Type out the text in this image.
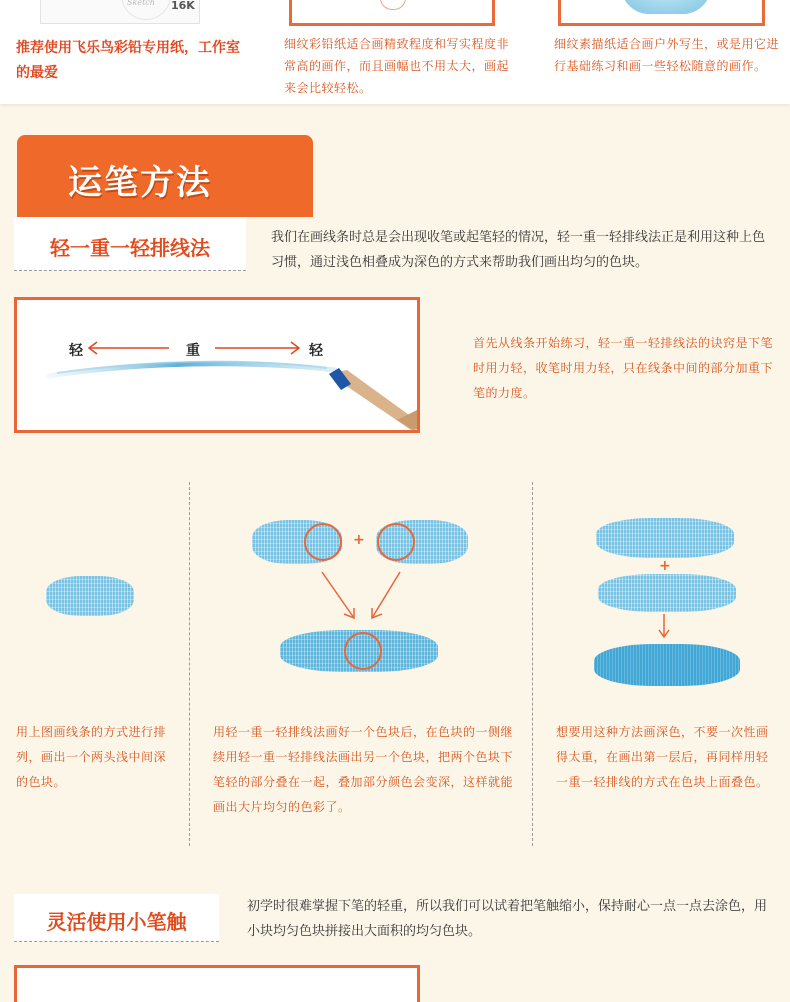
Sketch 16K
推荐使用飞乐鸟彩铅专用纸，工作室的最爱
细纹彩铅纸适合画精致程度和写实程度非常高的画作，而且画幅也不用太大，画起来会比较轻松。
细纹素描纸适合画户外写生，或是用它进行基础练习和画一些轻松随意的画作。
运笔方法
轻一重一轻排线法	我们在画线条时总是会出现收笔或起笔轻的情况，轻一重一轻排线法正是利用这种上色习惯，通过浅色相叠成为深色的方式来帮助我们画出均匀的色块。
轻	重	轻	首先从线条开始练习，轻一重一轻排线法的诀窍是下笔时用力轻，收笔时用力轻，只在线条中间的部分加重下笔的力度。
+
+
用上图画线条的方式进行排列，画出一个两头浅中间深的色块。
用轻一重一轻排线法画好一个色块后，在色块的一侧继续用轻一重一轻排线法画出另一个色块，把两个色块下笔轻的部分叠在一起，叠加部分颜色会变深，这样就能画出大片均匀的色彩了。
想要用这种方法画深色，不要一次性画得太重，在画出第一层后，再同样用轻一重一轻排线的方式在色块上面叠色。
灵活使用小笔触
初学时很难掌握下笔的轻重，所以我们可以试着把笔触缩小，保持耐心一点一点去涂色，用小块均匀色块拼接出大面积的均匀色块。
